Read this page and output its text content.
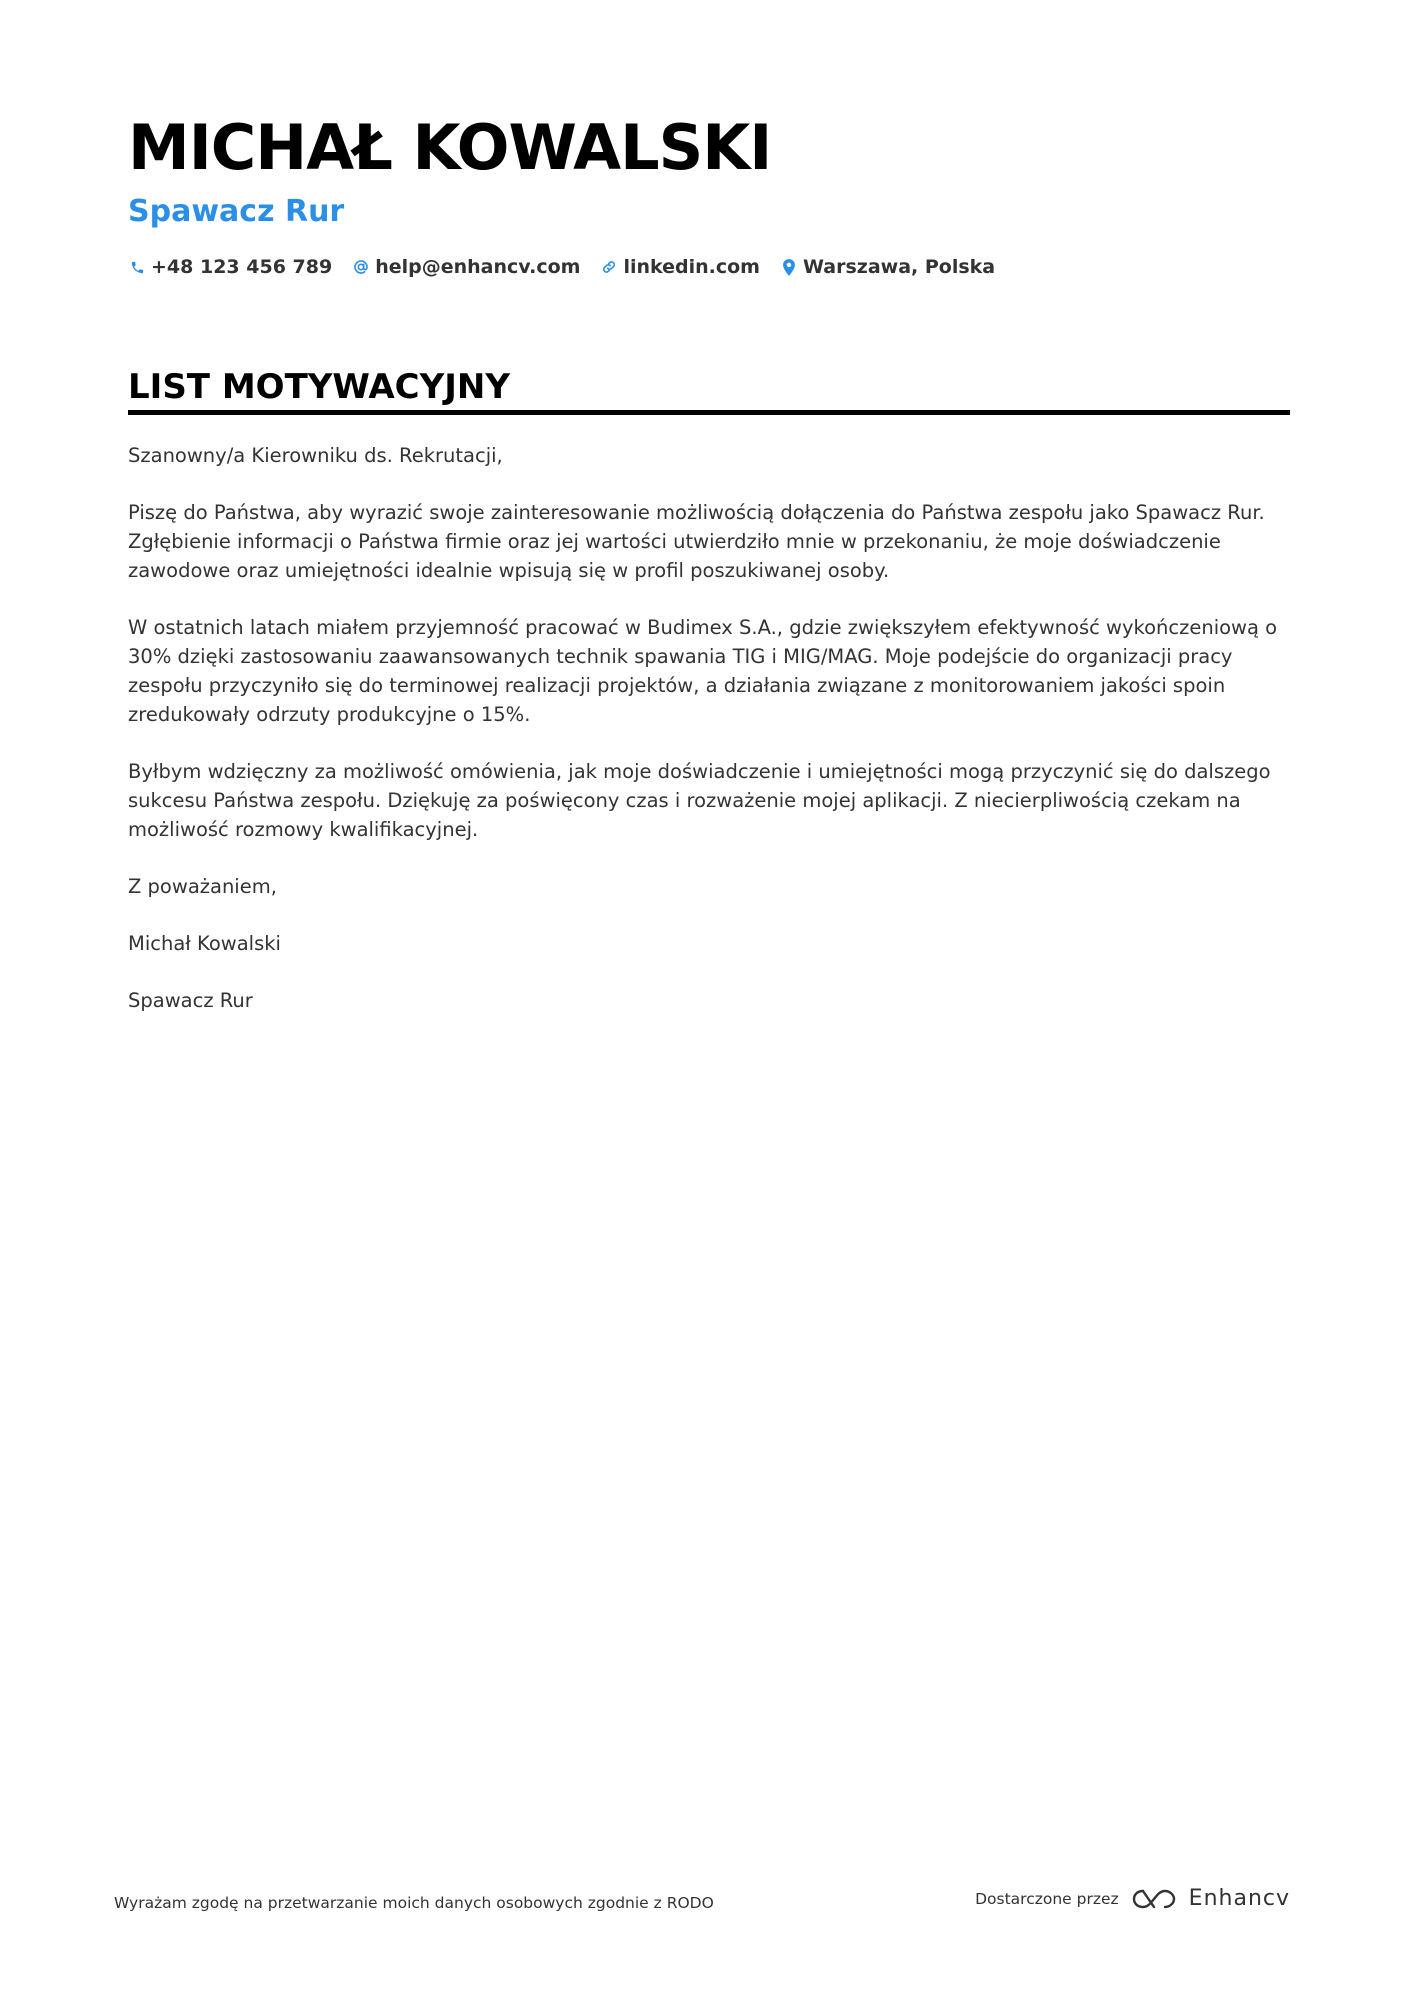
MICHAŁ KOWALSKI
Spawacz Rur
+48 123 456 789 help@enhancv.com linkedin.com Warszawa, Polska
LIST MOTYWACYJNY

Szanowny/a Kierowniku ds. Rekrutacji,

Piszę do Państwa, aby wyrazić swoje zainteresowanie możliwością dołączenia do Państwa zespołu jako Spawacz Rur. Zgłębienie informacji o Państwa firmie oraz jej wartości utwierdziło mnie w przekonaniu, że moje doświadczenie zawodowe oraz umiejętności idealnie wpisują się w profil poszukiwanej osoby.

W ostatnich latach miałem przyjemność pracować w Budimex S.A., gdzie zwiększyłem efektywność wykończeniową o 30% dzięki zastosowaniu zaawansowanych technik spawania TIG i MIG/MAG. Moje podejście do organizacji pracy zespołu przyczyniło się do terminowej realizacji projektów, a działania związane z monitorowaniem jakości spoin zredukowały odrzuty produkcyjne o 15%.

Byłbym wdzięczny za możliwość omówienia, jak moje doświadczenie i umiejętności mogą przyczynić się do dalszego sukcesu Państwa zespołu. Dziękuję za poświęcony czas i rozważenie mojej aplikacji. Z niecierpliwością czekam na możliwość rozmowy kwalifikacyjnej.

Z poważaniem,

Michał Kowalski

Spawacz Rur

Wyrażam zgodę na przetwarzanie moich danych osobowych zgodnie z RODO	Dostarczone przez	Enhancv
